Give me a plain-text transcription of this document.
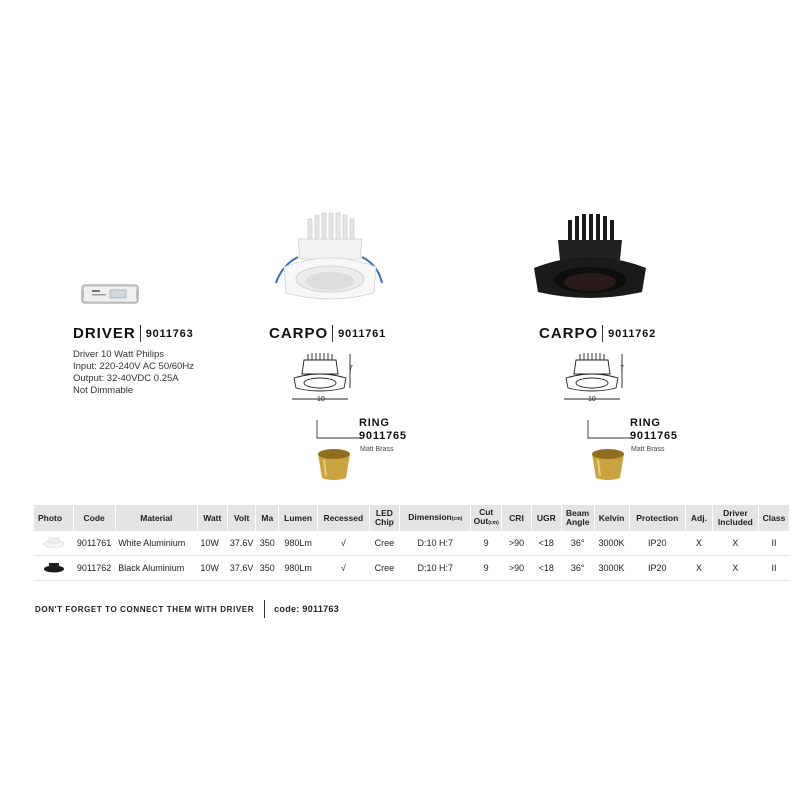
DRIVER 9011763
Driver 10 Watt Philips
Input: 220-240V AC 50/60Hz
Output: 32-40VDC 0.25A
Not Dimmable
CARPO 9011761
7
10
RING
9011765
Matt Brass
CARPO 9011762
7
10
RING
9011765
Matt Brass
Photo	Code	Material	Watt	Volt	Ma	Lumen	Recessed	LED
Chip	Dimension(cm)	Cut
Out(cm)	CRI	UGR	Beam
Angle	Kelvin	Protection	Adj.	Driver
Included	Class
	9011761	White Aluminium	10W	37.6V	350	980Lm	√	Cree	D:10 H:7	9	>90	<18	36°	3000K	IP20	X	X	II
	9011762	Black Aluminium	10W	37.6V	350	980Lm	√	Cree	D:10 H:7	9	>90	<18	36°	3000K	IP20	X	X	II
DON'T FORGET TO CONNECT THEM WITH DRIVER code: 9011763
